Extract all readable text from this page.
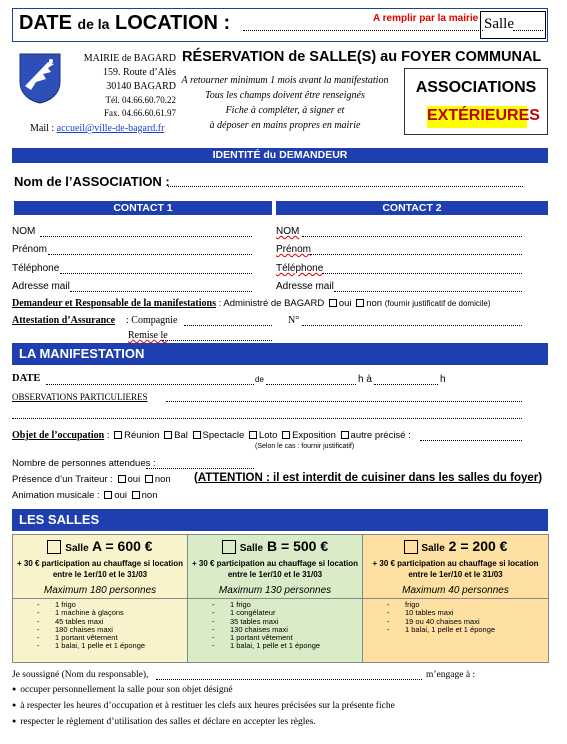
DATE de la LOCATION :	A remplir par la mairie Salle
MAIRIE de BAGARD
159. Route d’Alès
30140 BAGARD
Tél. 04.66.60.70.22
Fax. 04.66.60.61.97
Mail : accueil@ville-de-bagard.fr
RÉSERVATION de SALLE(S) au FOYER COMMUNAL
A retourner minimum 1 mois avant la manifestation
Tous les champs doivent être renseignés
Fiche à compléter, à signer et
à déposer en mains propres en mairie
ASSOCIATIONS
EXTÉRIEURES
IDENTITÉ du DEMANDEUR
Nom de l’ASSOCIATION :
CONTACT 1	CONTACT 2
NOM
Prénom
Téléphone
Adresse mail
NOM
Prénom
Téléphone
Adresse mail
Demandeur et Responsable de la manifestations : Administré de BAGARD oui non (fournir justificatif de domicile)
Attestation d’Assurance : Compagnie	N°
Remise le
LA MANIFESTATION
DATE	de	h à	h
OBSERVATIONS PARTICULIERES
Objet de l’occupation : Réunion Bal Spectacle Loto Exposition autre précisé :
(Selon le cas : fournir justificatif)
Nombre de personnes attendues :
Présence d’un Traiteur : oui non (ATTENTION : il est interdit de cuisiner dans les salles du foyer)
Animation musicale : oui non
LES SALLES
Salle A = 600 €
+ 30 € participation au chauffage si location entre le 1er/10 et le 31/03
Maximum 180 personnes
- 1 frigo
- 1 machine à glaçons
- 45 tables maxi
- 180 chaises maxi
- 1 portant vêtement
- 1 balai, 1 pelle et 1 éponge
Salle B = 500 €
+ 30 € participation au chauffage si location entre le 1er/10 et le 31/03
Maximum 130 personnes
- 1 frigo
- 1 congélateur
- 35 tables maxi
- 130 chaises maxi
- 1 portant vêtement
- 1 balai, 1 pelle et 1 éponge
Salle 2 = 200 €
+ 30 € participation au chauffage si location entre le 1er/10 et le 31/03
Maximum 40 personnes
- frigo
- 10 tables maxi
- 19 ou 40 chaises maxi
- 1 balai, 1 pelle et 1 éponge
Je soussigné (Nom du responsable),	m’engage à :
● occuper personnellement la salle pour son objet désigné
● à respecter les heures d’occupation et à restituer les clefs aux heures précisées sur la présente fiche
● respecter le règlement d’utilisation des salles et déclare en accepter les règles.
